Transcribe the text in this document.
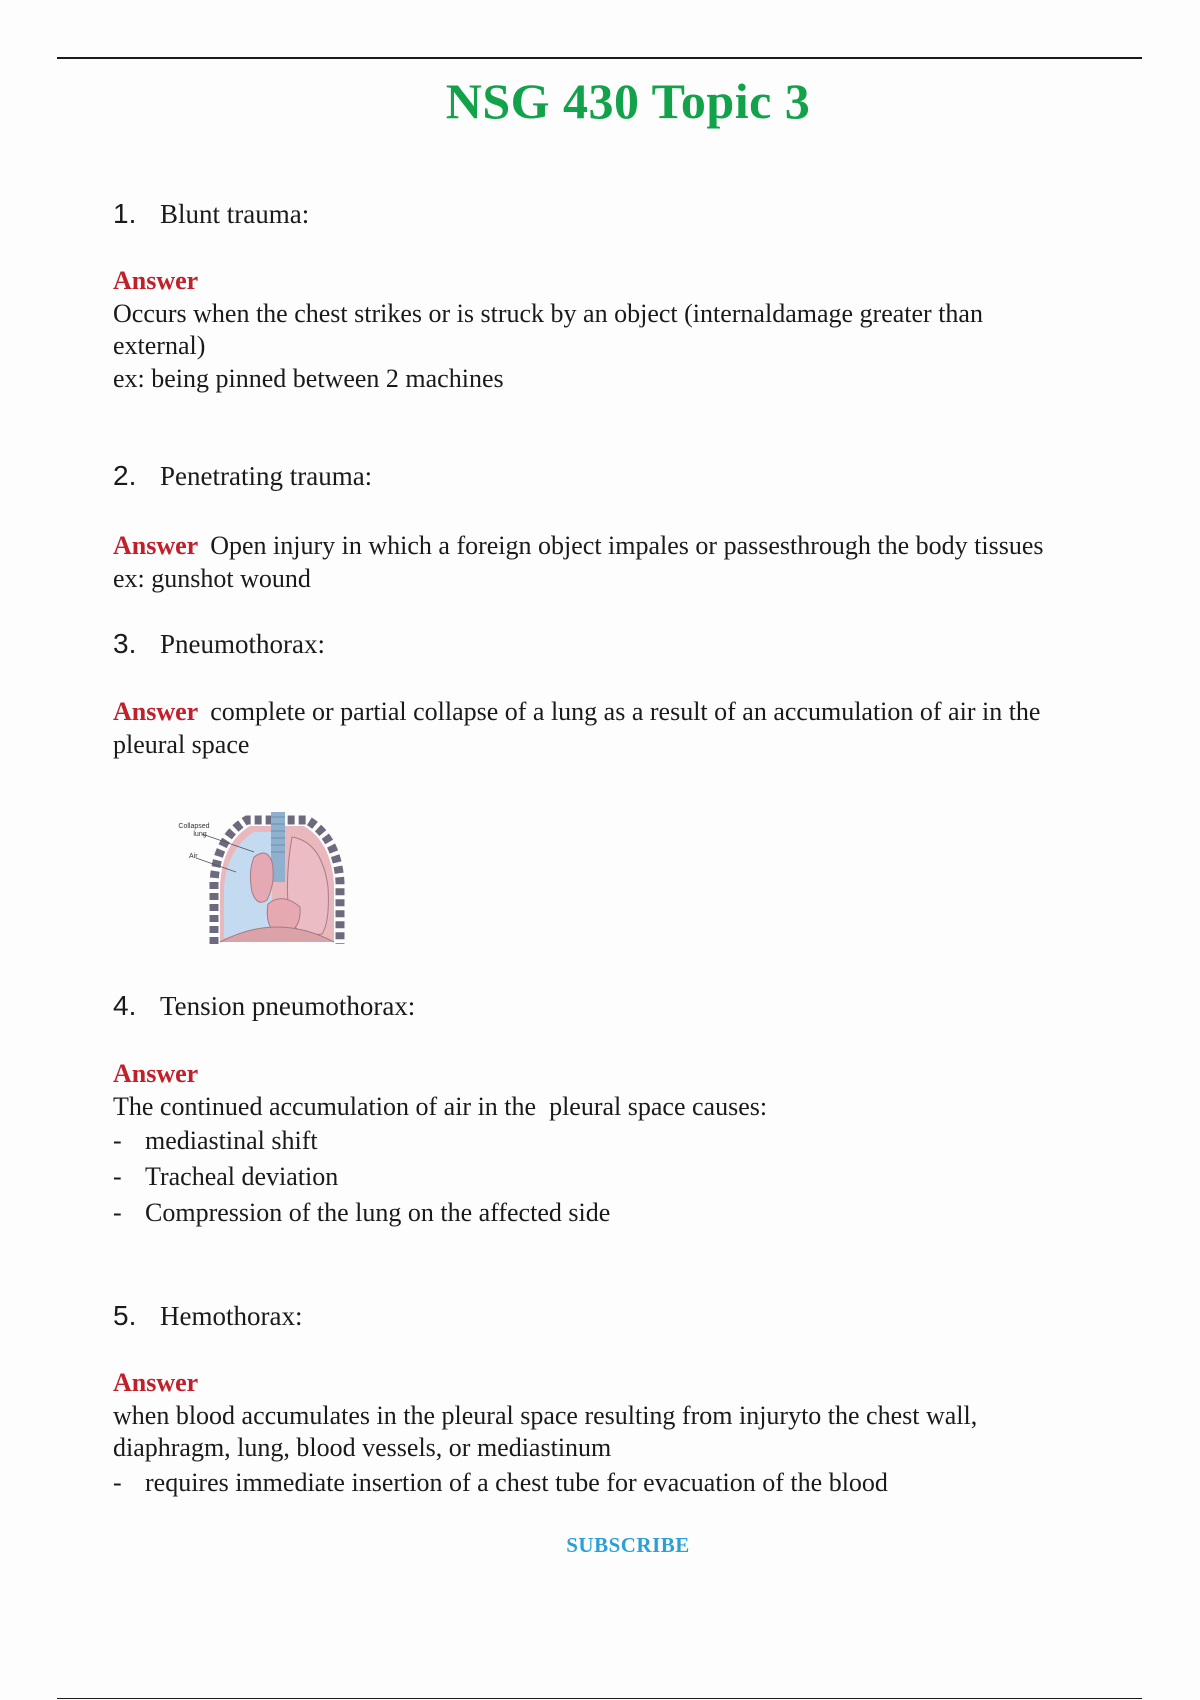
NSG 430 Topic 3
1. Blunt trauma:
Answer
Occurs when the chest strikes or is struck by an object (internaldamage greater than
external)
ex: being pinned between 2 machines
2. Penetrating trauma:
Answer Open injury in which a foreign object impales or passesthrough the body tissues
ex: gunshot wound
3. Pneumothorax:
Answer complete or partial collapse of a lung as a result of an accumulation of air in the
pleural space
Collapsed
lung
Air
4. Tension pneumothorax:
Answer
The continued accumulation of air in the  pleural space causes:
- mediastinal shift
- Tracheal deviation
- Compression of the lung on the affected side
5. Hemothorax:
Answer
when blood accumulates in the pleural space resulting from injuryto the chest wall,
diaphragm, lung, blood vessels, or mediastinum
- requires immediate insertion of a chest tube for evacuation of the blood
SUBSCRIBE
